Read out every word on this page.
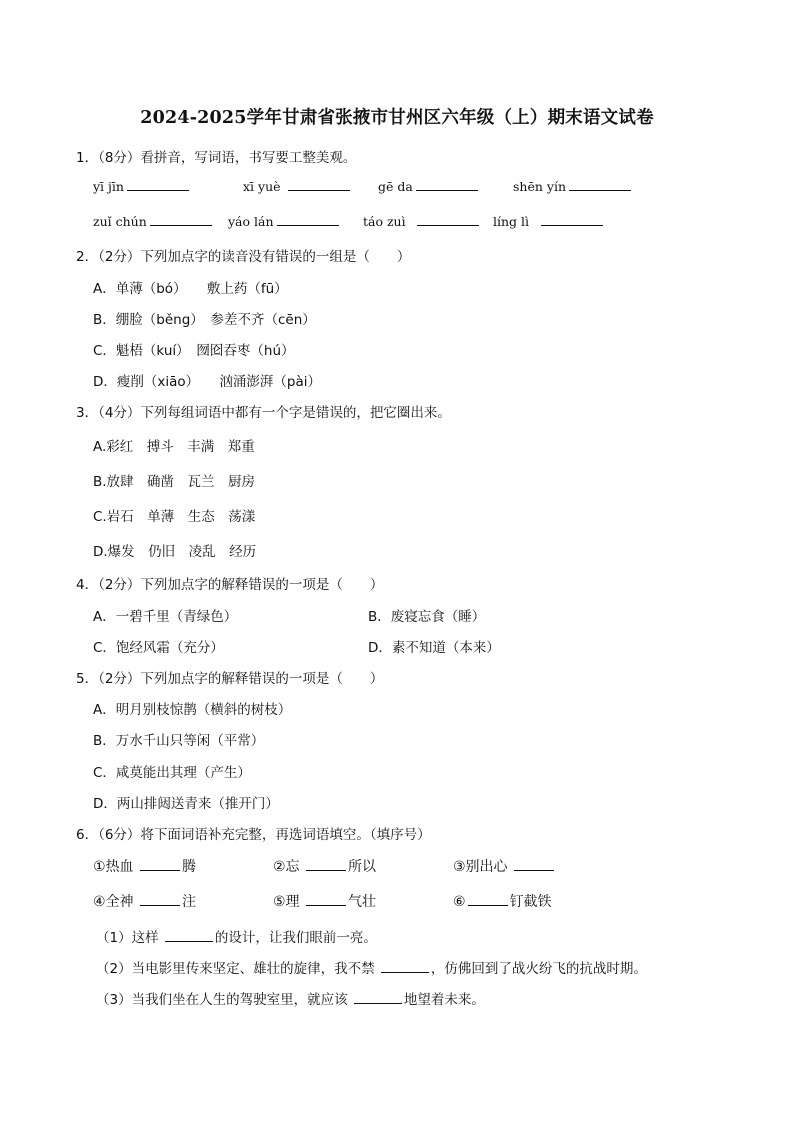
2024-2025学年甘肃省张掖市甘州区六年级（上）期末语文试卷
1．（8分）看拼音，写词语，书写要工整美观。
yī jīn	xī yuè	gē da	shēn yín
zuǐ chún	yáo lán	táo zuì	líng lì
2．（2分）下列加点字的读音没有错误的一组是（　　）
A．单薄（bó）　　敷上药（fū）
B．绷脸（běng）　参差不齐（cēn）
C．魁梧（kuí）　囫囵吞枣（hú）
D．瘦削（xiāo）　　汹涌澎湃（pài）
3．（4分）下列每组词语中都有一个字是错误的，把它圈出来。
A.彩红　搏斗　丰满　郑重
B.放肆　确凿　瓦兰　厨房
C.岩石　单薄　生态　荡漾
D.爆发　仍旧　凌乱　经历
4．（2分）下列加点字的解释错误的一项是（　　）
A．一碧千里（青绿色）	B．废寝忘食（睡）
C．饱经风霜（充分）	D．素不知道（本来）
5．（2分）下列加点字的解释错误的一项是（　　）
A．明月别枝惊鹊（横斜的树枝）
B．万水千山只等闲（平常）
C．咸莫能出其理（产生）
D．两山排闼送青来（推开门）
6．（6分）将下面词语补充完整，再选词语填空。（填序号）
①热血	腾	②忘	所以	③别出心
④全神	注	⑤理	气壮	⑥	钉截铁
（1）这样	的设计，让我们眼前一亮。
（2）当电影里传来坚定、雄壮的旋律，我不禁	，仿佛回到了战火纷飞的抗战时期。
（3）当我们坐在人生的驾驶室里，就应该	地望着未来。
